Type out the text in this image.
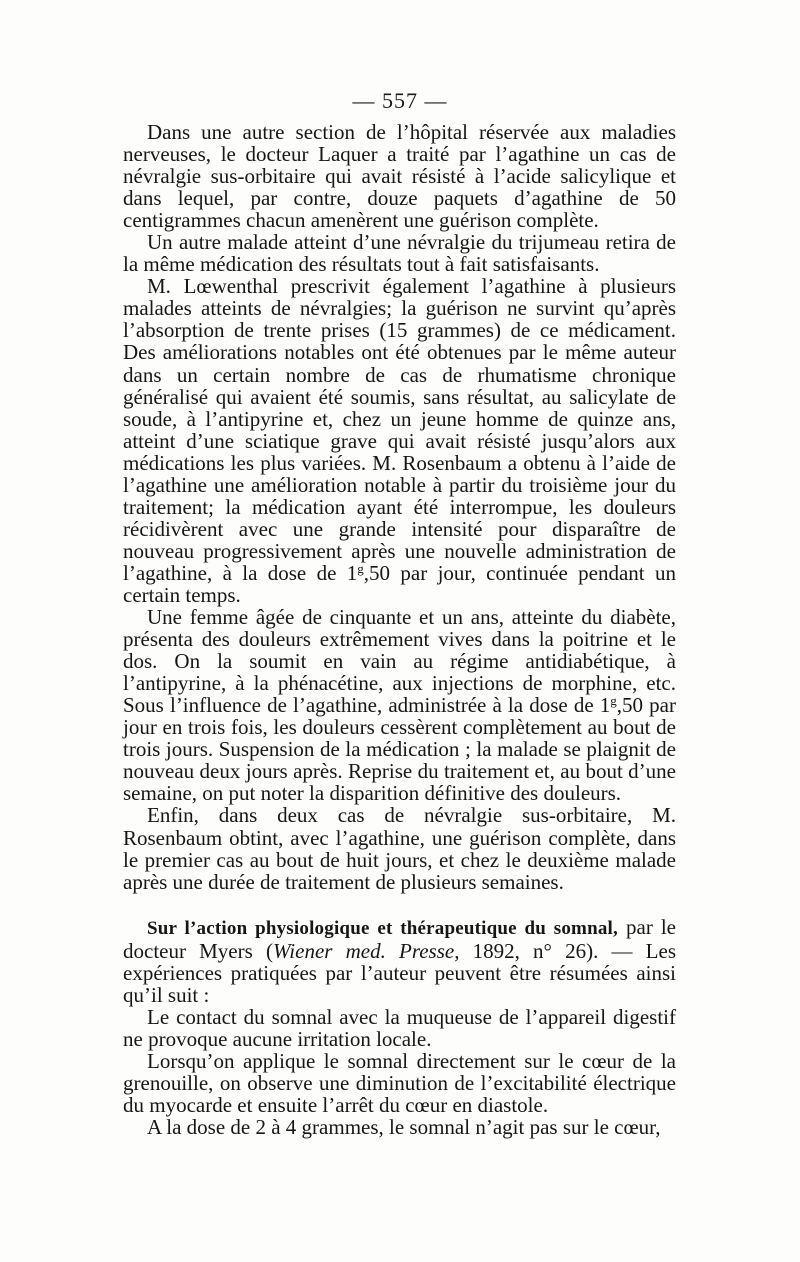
— 557 —

Dans une autre section de l’hôpital réservée aux maladies nerveuses, le docteur Laquer a traité par l’agathine un cas de névralgie sus-orbitaire qui avait résisté à l’acide salicylique et dans lequel, par contre, douze paquets d’agathine de 50 centigrammes chacun amenèrent une guérison complète.

Un autre malade atteint d’une névralgie du trijumeau retira de la même médication des résultats tout à fait satisfaisants.

M. Lœwenthal prescrivit également l’agathine à plusieurs malades atteints de névralgies; la guérison ne survint qu’après l’absorption de trente prises (15 grammes) de ce médicament. Des améliorations notables ont été obtenues par le même auteur dans un certain nombre de cas de rhumatisme chronique généralisé qui avaient été soumis, sans résultat, au salicylate de soude, à l’antipyrine et, chez un jeune homme de quinze ans, atteint d’une sciatique grave qui avait résisté jusqu’alors aux médications les plus variées. M. Rosenbaum a obtenu à l’aide de l’agathine une amélioration notable à partir du troisième jour du traitement; la médication ayant été interrompue, les douleurs récidivèrent avec une grande intensité pour disparaître de nouveau progressivement après une nouvelle administration de l’agathine, à la dose de 1$^g$,50 par jour, continuée pendant un certain temps.

Une femme âgée de cinquante et un ans, atteinte du diabète, présenta des douleurs extrêmement vives dans la poitrine et le dos. On la soumit en vain au régime antidiabétique, à l’antipyrine, à la phénacétine, aux injections de morphine, etc. Sous l’influence de l’agathine, administrée à la dose de 1$^g$,50 par jour en trois fois, les douleurs cessèrent complètement au bout de trois jours. Suspension de la médication ; la malade se plaignit de nouveau deux jours après. Reprise du traitement et, au bout d’une semaine, on put noter la disparition définitive des douleurs.

Enfin, dans deux cas de névralgie sus-orbitaire, M. Rosenbaum obtint, avec l’agathine, une guérison complète, dans le premier cas au bout de huit jours, et chez le deuxième malade après une durée de traitement de plusieurs semaines.

Sur l’action physiologique et thérapeutique du somnal, par le docteur Myers (Wiener med. Presse, 1892, n° 26). — Les expériences pratiquées par l’auteur peuvent être résumées ainsi qu’il suit :

Le contact du somnal avec la muqueuse de l’appareil digestif ne provoque aucune irritation locale.

Lorsqu’on applique le somnal directement sur le cœur de la grenouille, on observe une diminution de l’excitabilité électrique du myocarde et ensuite l’arrêt du cœur en diastole.

A la dose de 2 à 4 grammes, le somnal n’agit pas sur le cœur,
